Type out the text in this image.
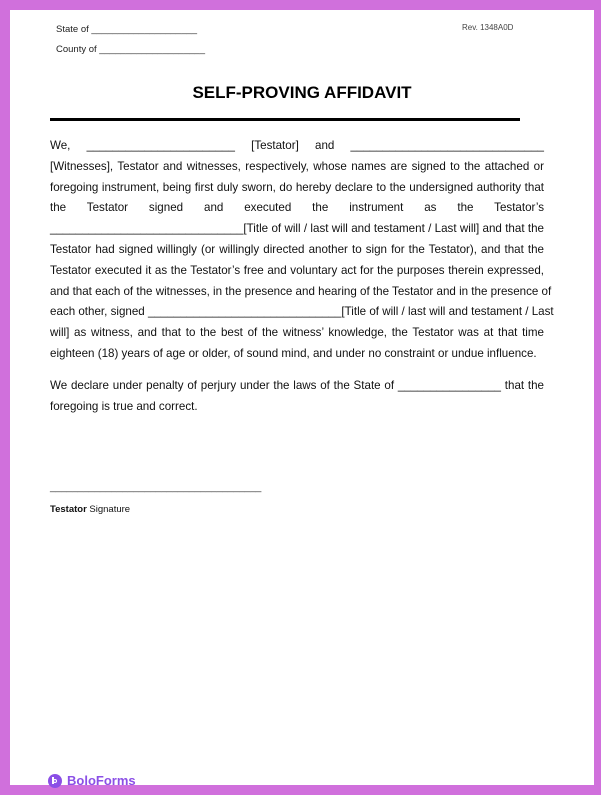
State of ____________________
County of ____________________
Rev. 1348A0D
SELF-PROVING AFFIDAVIT
We, _______________________ [Testator] and ______________________________
[Witnesses], Testator and witnesses, respectively, whose names are signed to the attached or
foregoing instrument, being first duly sworn, do hereby declare to the undersigned authority that
the Testator signed and executed the instrument as the Testator’s
______________________________[Title of will / last will and testament / Last will] and that the
Testator had signed willingly (or willingly directed another to sign for the Testator), and that the
Testator executed it as the Testator’s free and voluntary act for the purposes therein expressed,
and that each of the witnesses, in the presence and hearing of the Testator and in the presence of
each other, signed ______________________________[Title of will / last will and testament / Last
will] as witness, and that to the best of the witness’ knowledge, the Testator was at that time
eighteen (18) years of age or older, of sound mind, and under no constraint or undue influence.
We declare under penalty of perjury under the laws of the State of ________________ that the
foregoing is true and correct.
______________________________________
Testator Signature
BoloForms
